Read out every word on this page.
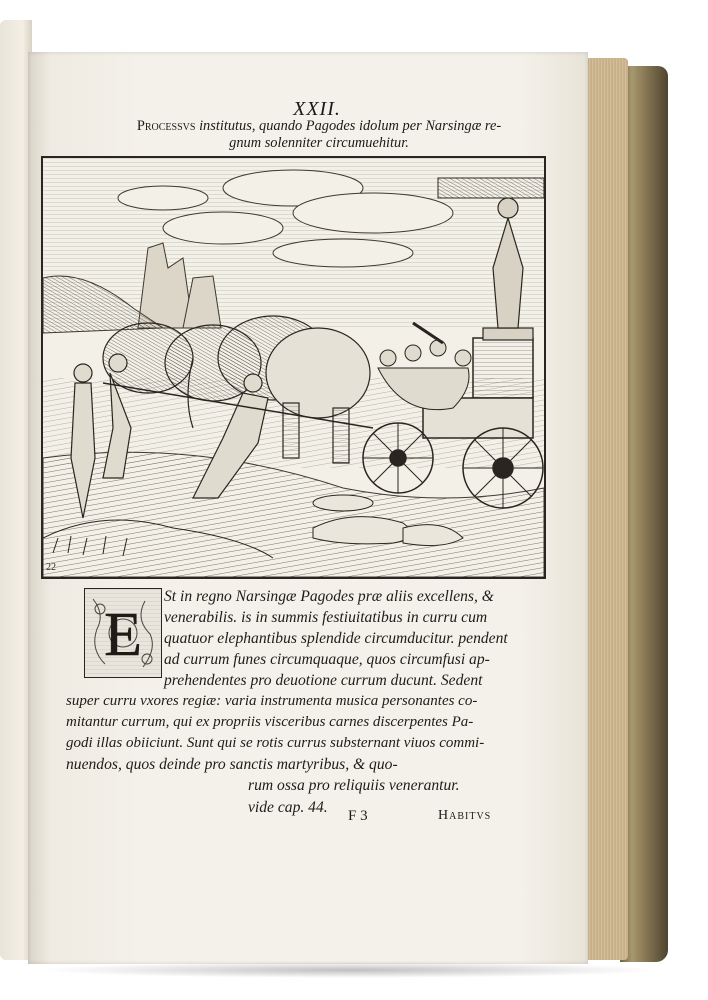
XXII.
Processvs institutus, quando Pagodes idolum per Narsingæ re-
gnum solenniter circumuehitur.
22
E
St in regno Narsingæ Pagodes præ aliis excellens, &
venerabilis. is in summis festiuitatibus in curru cum
quatuor elephantibus splendide circumducitur. pendent
ad currum funes circumquaque, quos circumfusi ap-
prehendentes pro deuotione currum ducunt. Sedent
super curru vxores regiæ: varia instrumenta musica personantes co-
mitantur currum, qui ex propriis visceribus carnes discerpentes Pa-
godi illas obiiciunt. Sunt qui se rotis currus substernant viuos commi-
nuendos, quos deinde pro sanctis martyribus, & quo-
rum ossa pro reliquiis venerantur.
vide cap. 44. F 3	Habitvs
